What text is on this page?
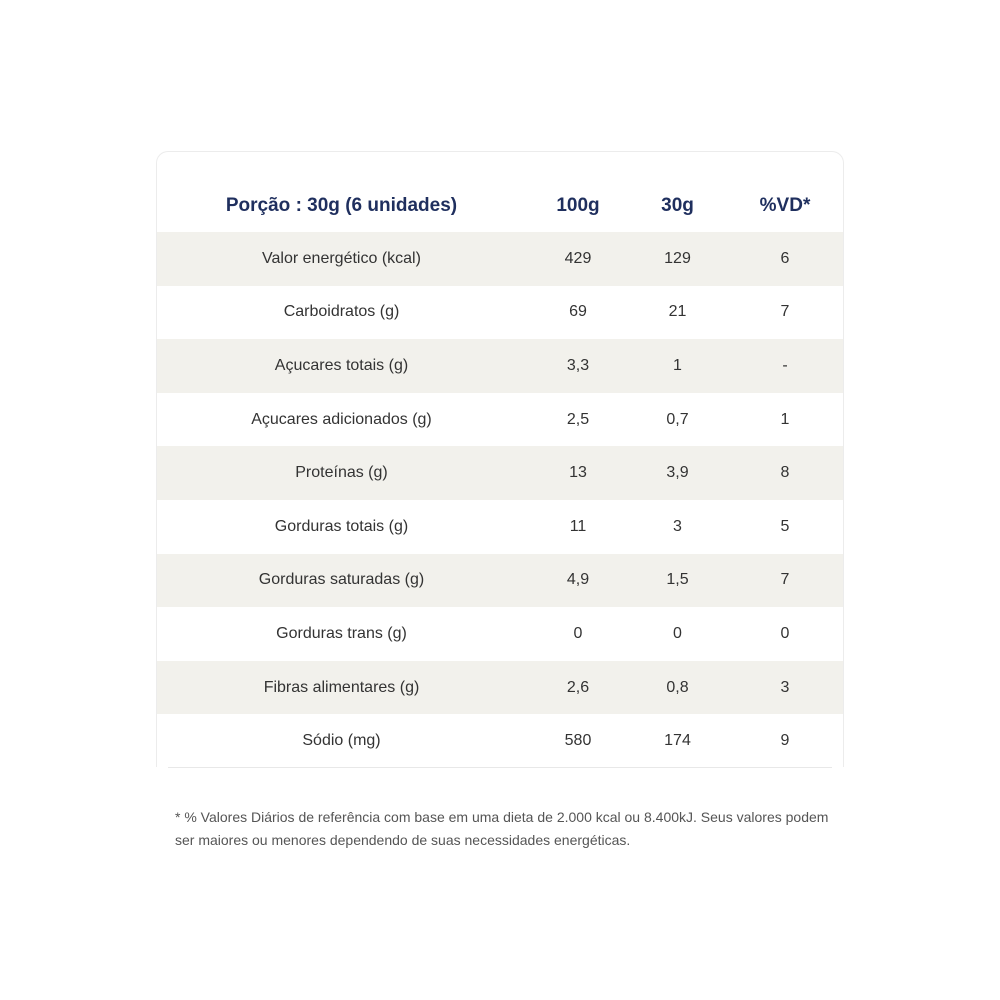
Porção : 30g (6 unidades)	100g	30g	%VD*
Valor energético (kcal)	429	129	6
Carboidratos (g)	69	21	7
Açucares totais (g)	3,3	1	-
Açucares adicionados (g)	2,5	0,7	1
Proteínas (g)	13	3,9	8
Gorduras totais (g)	11	3	5
Gorduras saturadas (g)	4,9	1,5	7
Gorduras trans (g)	0	0	0
Fibras alimentares (g)	2,6	0,8	3
Sódio (mg)	580	174	9

* % Valores Diários de referência com base em uma dieta de 2.000 kcal ou 8.400kJ. Seus valores podem ser maiores ou menores dependendo de suas necessidades energéticas.
